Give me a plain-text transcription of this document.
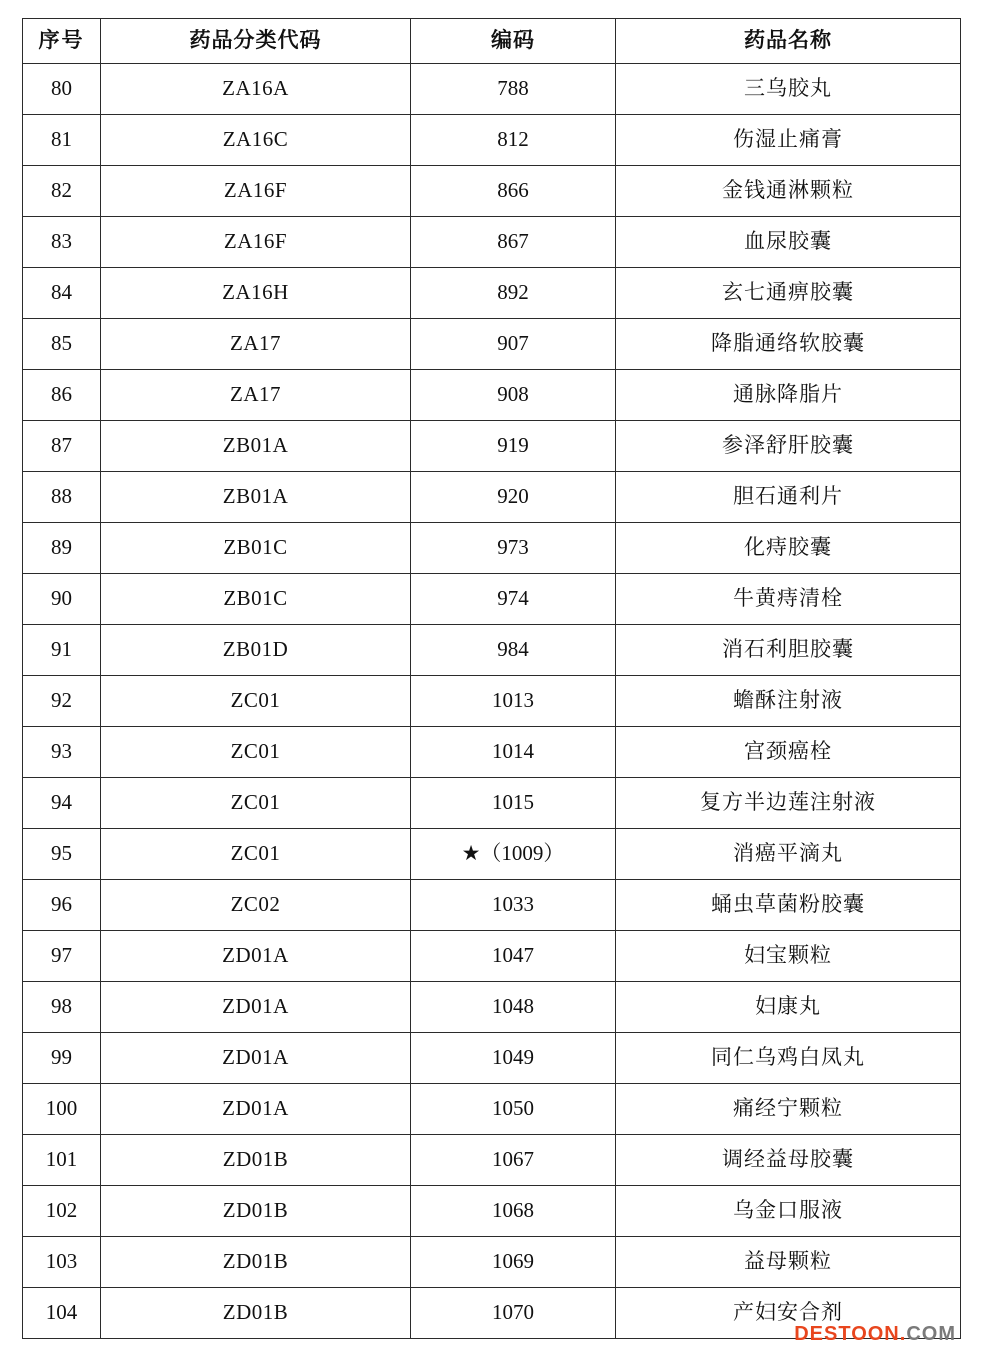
序号	药品分类代码	编码	药品名称
80	ZA16A	788	三乌胶丸
81	ZA16C	812	伤湿止痛膏
82	ZA16F	866	金钱通淋颗粒
83	ZA16F	867	血尿胶囊
84	ZA16H	892	玄七通痹胶囊
85	ZA17	907	降脂通络软胶囊
86	ZA17	908	通脉降脂片
87	ZB01A	919	参泽舒肝胶囊
88	ZB01A	920	胆石通利片
89	ZB01C	973	化痔胶囊
90	ZB01C	974	牛黄痔清栓
91	ZB01D	984	消石利胆胶囊
92	ZC01	1013	蟾酥注射液
93	ZC01	1014	宫颈癌栓
94	ZC01	1015	复方半边莲注射液
95	ZC01	★（1009）	消癌平滴丸
96	ZC02	1033	蛹虫草菌粉胶囊
97	ZD01A	1047	妇宝颗粒
98	ZD01A	1048	妇康丸
99	ZD01A	1049	同仁乌鸡白凤丸
100	ZD01A	1050	痛经宁颗粒
101	ZD01B	1067	调经益母胶囊
102	ZD01B	1068	乌金口服液
103	ZD01B	1069	益母颗粒
104	ZD01B	1070	产妇安合剂
DESTOON.COM
